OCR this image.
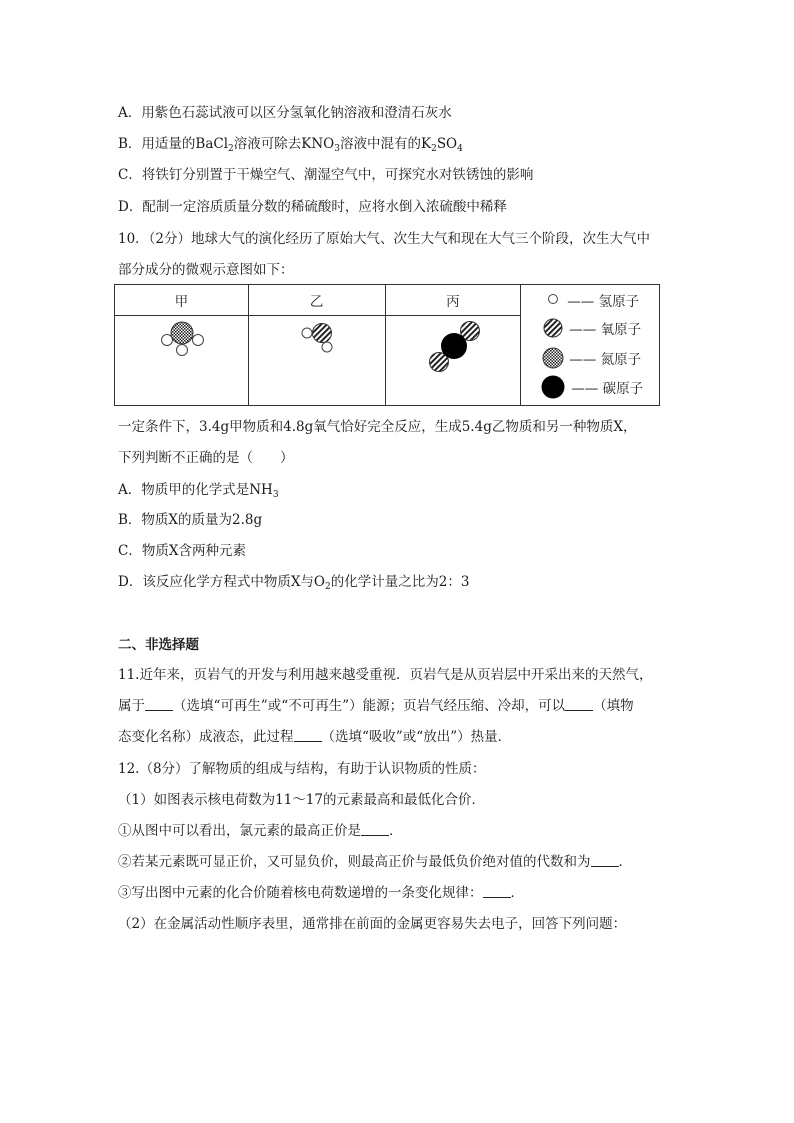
A．用紫色石蕊试液可以区分氢氧化钠溶液和澄清石灰水
B．用适量的BaCl$_2$溶液可除去$KNO_3$溶液中混有的$K_2SO_4$
C．将铁钉分别置于干燥空气、潮湿空气中，可探究水对铁锈蚀的影响
D．配制一定溶质质量分数的稀硫酸时，应将水倒入浓硫酸中稀释
10．（2分）地球大气的演化经历了原始大气、次生大气和现在大气三个阶段，次生大气中
部分成分的微观示意图如下：
甲	乙	丙	

		—— 氢原子
—— 氧原子
—— 氮原子
—— 碳原子
一定条件下，3.4g甲物质和4.8g氧气恰好完全反应，生成5.4g乙物质和另一种物质X，
下列判断不正确的是（　　）
A．物质甲的化学式是$NH_3$
B．物质X的质量为2.8g
C．物质X含两种元素
D．该反应化学方程式中物质X与$O_2$的化学计量之比为2：3
二、非选择题
11.近年来，页岩气的开发与利用越来越受重视．页岩气是从页岩层中开采出来的天然气，
属于 （选填“可再生”或“不可再生”）能源；页岩气经压缩、冷却，可以 （填物
态变化名称）成液态，此过程 （选填“吸收”或“放出”）热量．
12.（8分）了解物质的组成与结构，有助于认识物质的性质：
（1）如图表示核电荷数为11～17的元素最高和最低化合价．
①从图中可以看出，氯元素的最高正价是 ．
②若某元素既可显正价，又可显负价，则最高正价与最低负价绝对值的代数和为 ．
③写出图中元素的化合价随着核电荷数递增的一条变化规律： ．
（2）在金属活动性顺序表里，通常排在前面的金属更容易失去电子，回答下列问题：
